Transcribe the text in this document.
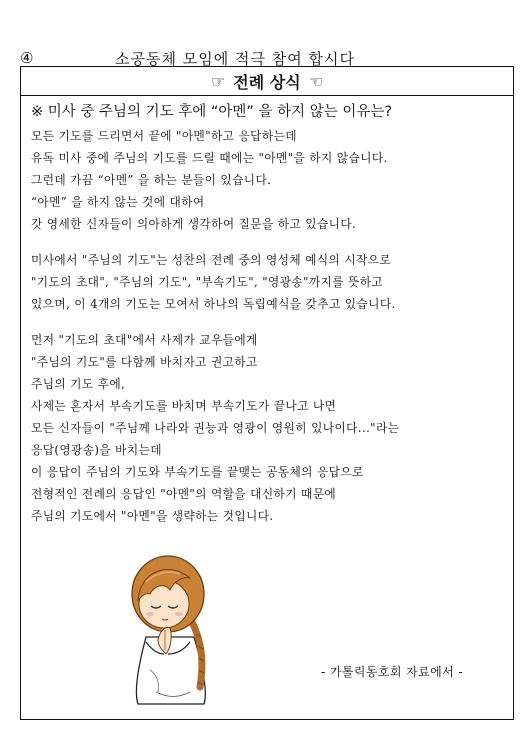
④	소공동체 모임에 적극 참여 합시다
☞ 전례 상식 ☜
※ 미사 중 주님의 기도 후에 “아멘” 을 하지 않는 이유는?
모든 기도를 드리면서 끝에 "아멘"하고 응답하는데
유독 미사 중에 주님의 기도를 드릴 때에는 "아멘"을 하지 않습니다.
그런데 가끔 “아멘” 을 하는 분들이 있습니다.
“아멘” 을 하지 않는 것에 대하여
갓 영세한 신자들이 의아하게 생각하여 질문을 하고 있습니다.
미사에서 "주님의 기도"는 성찬의 전례 중의 영성체 예식의 시작으로
"기도의 초대", "주님의 기도", "부속기도", "영광송"까지를 뜻하고
있으며, 이 4개의 기도는 모여서 하나의 독립예식을 갖추고 있습니다.
먼저 "기도의 초대"에서 사제가 교우들에게
"주님의 기도"를 다함께 바치자고 권고하고
주님의 기도 후에,
사제는 혼자서 부속기도를 바치며 부속기도가 끝나고 나면
모든 신자들이 "주님께 나라와 권능과 영광이 영원히 있나이다..."라는
응답(영광송)을 바치는데
이 응답이 주님의 기도와 부속기도를 끝맺는 공동체의 응답으로
전형적인 전례의 응답인 "아멘"의 역할을 대신하기 때문에
주님의 기도에서 "아멘"을 생략하는 것입니다.
- 가톨릭동호회 자료에서 -
